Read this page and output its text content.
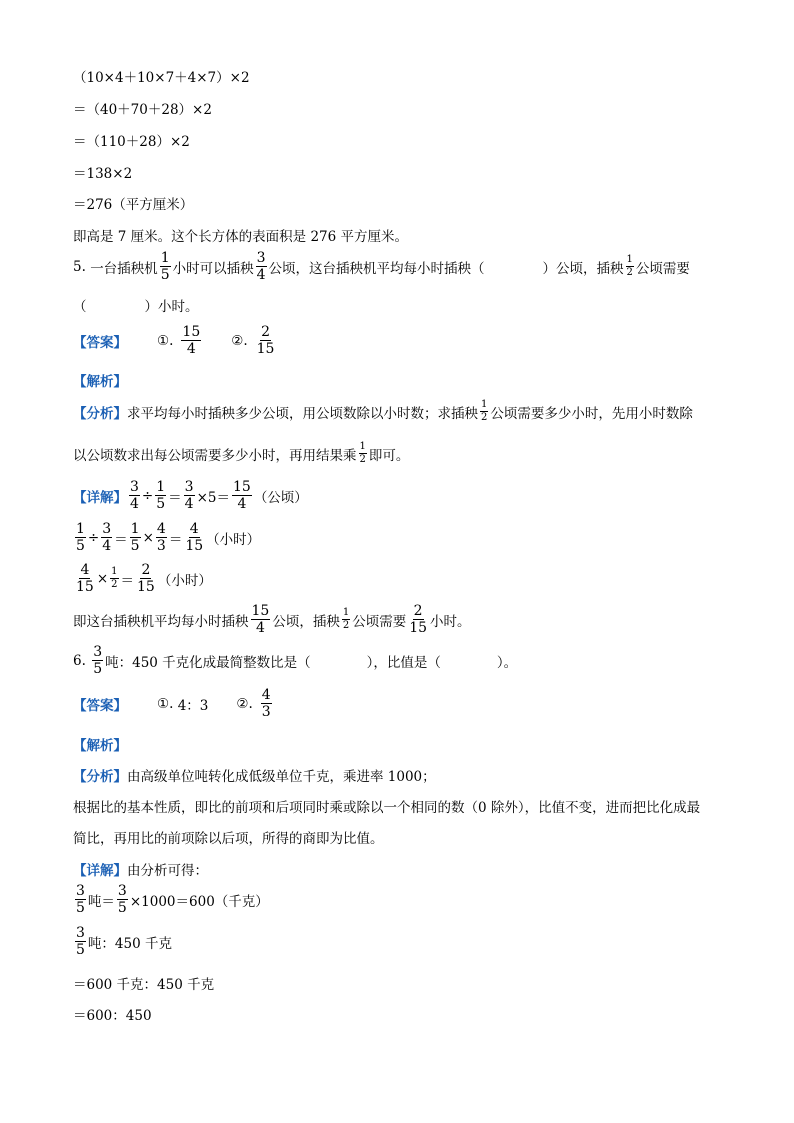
（10×4＋10×7＋4×7）×2
＝（40＋70＋28）×2
＝（110＋28）×2
＝138×2
＝276（平方厘米）
即高是 7 厘米。这个长方体的表面积是 276 平方厘米。
5.
一台插秧机 $\frac{1}{5}$ 小时可以插秧 $\frac{3}{4}$ 公顷，这台插秧机平均每小时插秧（	）公顷，插秧 $\frac{1}{2}$ 公顷需要
（	）小时。
【答案】 ① . $\frac{15}{4}$ ② . $\frac{2}{15}$
【解析】
【分析】 求平均每小时插秧多少公顷，用公顷数除以小时数；求插秧 $\frac{1}{2}$ 公顷需要多少小时，先用小时数除
以公顷数求出每公顷需要多少小时，再用结果乘 $\frac{1}{2}$ 即可。
【详解】 $\frac{3}{4} \div \frac{1}{5} = \frac{3}{4} \times 5= \frac{15}{4}$ （公顷）
$\frac{1}{5} \div \frac{3}{4} = \frac{1}{5} \times \frac{4}{3} = \frac{4}{15}$ （小时）
$\frac{4}{15} \times \frac{1}{2} = \frac{2}{15}$ （小时）
即这台插秧机平均每小时插秧 $\frac{15}{4}$ 公顷，插秧 $\frac{1}{2}$ 公顷需要 $\frac{2}{15}$ 小时。
6.
$\frac{3}{5}$ 吨：450 千克化成最简整数比是（	），比值是（	）。
【答案】 ① . 4：3 ② . $\frac{4}{3}$
【解析】
【分析】 由高级单位吨转化成低级单位千克，乘进率 1000；
根据比的基本性质，即比的前项和后项同时乘或除以一个相同的数（0 除外），比值不变，进而把比化成最
简比，再用比的前项除以后项，所得的商即为比值。
【详解】 由分析可得：
$\frac{3}{5}$ 吨＝ $\frac{3}{5} \times 1000=600$（千克）
$\frac{3}{5}$ 吨：450 千克
＝600 千克：450 千克
＝600：450
